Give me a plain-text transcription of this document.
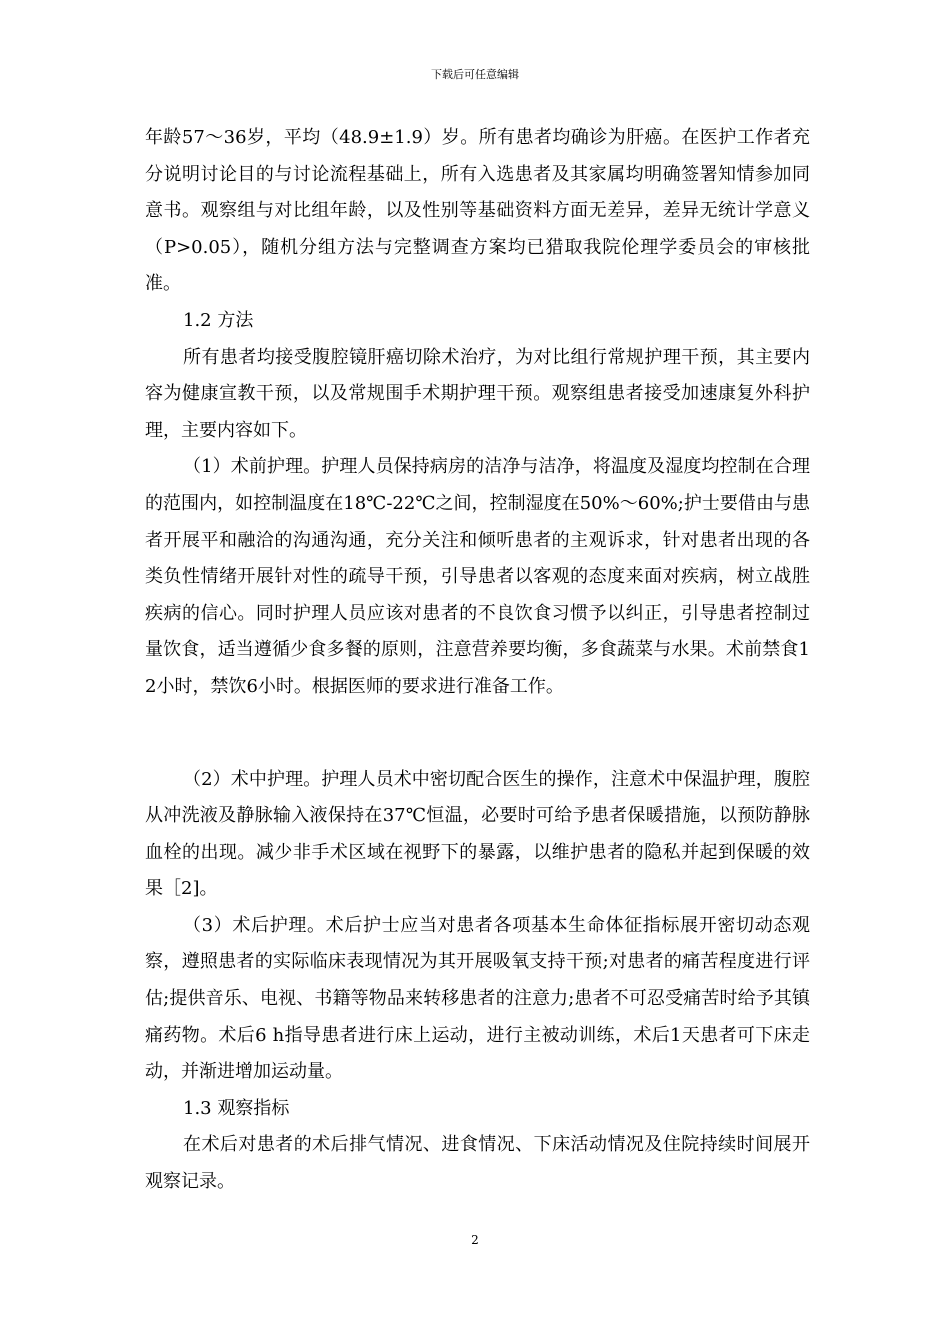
下载后可任意编辑

年龄57～36岁，平均（48.9±1.9）岁。所有患者均确诊为肝癌。在医护工作者充分说明讨论目的与讨论流程基础上，所有入选患者及其家属均明确签署知情参加同意书。观察组与对比组年龄，以及性别等基础资料方面无差异，差异无统计学意义（P>0.05），随机分组方法与完整调查方案均已猎取我院伦理学委员会的审核批准。

1.2 方法

所有患者均接受腹腔镜肝癌切除术治疗，为对比组行常规护理干预，其主要内容为健康宣教干预，以及常规围手术期护理干预。观察组患者接受加速康复外科护理，主要内容如下。

（1）术前护理。护理人员保持病房的洁净与洁净，将温度及湿度均控制在合理的范围内，如控制温度在18℃-22℃之间，控制湿度在50%～60%;护士要借由与患者开展平和融洽的沟通沟通，充分关注和倾听患者的主观诉求，针对患者出现的各类负性情绪开展针对性的疏导干预，引导患者以客观的态度来面对疾病，树立战胜疾病的信心。同时护理人员应该对患者的不良饮食习惯予以纠正，引导患者控制过量饮食，适当遵循少食多餐的原则，注意营养要均衡，多食蔬菜与水果。术前禁食12小时，禁饮6小时。根据医师的要求进行准备工作。

（2）术中护理。护理人员术中密切配合医生的操作，注意术中保温护理，腹腔从冲洗液及静脉输入液保持在37℃恒温，必要时可给予患者保暖措施，以预防静脉血栓的出现。减少非手术区域在视野下的暴露，以维护患者的隐私并起到保暖的效果［2]。

（3）术后护理。术后护士应当对患者各项基本生命体征指标展开密切动态观察，遵照患者的实际临床表现情况为其开展吸氧支持干预;对患者的痛苦程度进行评估;提供音乐、电视、书籍等物品来转移患者的注意力;患者不可忍受痛苦时给予其镇痛药物。术后6 h指导患者进行床上运动，进行主被动训练，术后1天患者可下床走动，并渐进增加运动量。

1.3 观察指标

在术后对患者的术后排气情况、进食情况、下床活动情况及住院持续时间展开观察记录。

2
